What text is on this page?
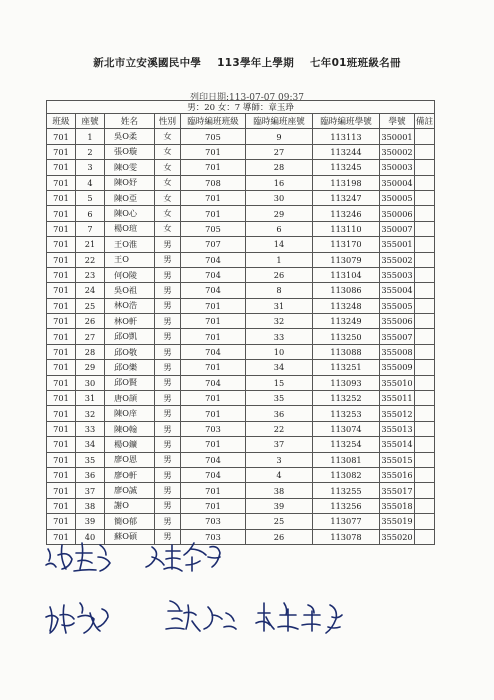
新北市立安溪國民中學 113學年上學期 七年01班班級名冊
列印日期:113-07-07 09:37
男：20 女：7 導師：章玉琤								
班級	座號	姓名	性別	臨時編班班級	臨時編班座號	臨時編班學號	學號	備註
701	1	吳O柔	女	705	9	113113	350001	
701	2	張O璇	女	701	27	113244	350002	
701	3	陳O雯	女	701	28	113245	350003	
701	4	陳O妤	女	708	16	113198	350004	
701	5	陳O亞	女	701	30	113247	350005	
701	6	陳O心	女	701	29	113246	350006	
701	7	楊O瑄	女	705	6	113110	350007	
701	21	王O淮	男	707	14	113170	355001	
701	22	王O	男	704	1	113079	355002	
701	23	何O陵	男	704	26	113104	355003	
701	24	吳O祖	男	704	8	113086	355004	
701	25	林O浩	男	701	31	113248	355005	
701	26	林O軒	男	701	32	113249	355006	
701	27	邱O凱	男	701	33	113250	355007	
701	28	邱O敬	男	704	10	113088	355008	
701	29	邱O樂	男	701	34	113251	355009	
701	30	邱O賢	男	704	15	113093	355010	
701	31	唐O頡	男	701	35	113252	355011	
701	32	陳O庠	男	701	36	113253	355012	
701	33	陳O翰	男	703	22	113074	355013	
701	34	楊O鑛	男	701	37	113254	355014	
701	35	廖O恩	男	704	3	113081	355015	
701	36	廖O軒	男	704	4	113082	355016	
701	37	廖O誠	男	701	38	113255	355017	
701	38	謝O	男	701	39	113256	355018	
701	39	簡O郁	男	703	25	113077	355019	
701	40	蘇O碩	男	703	26	113078	355020	
